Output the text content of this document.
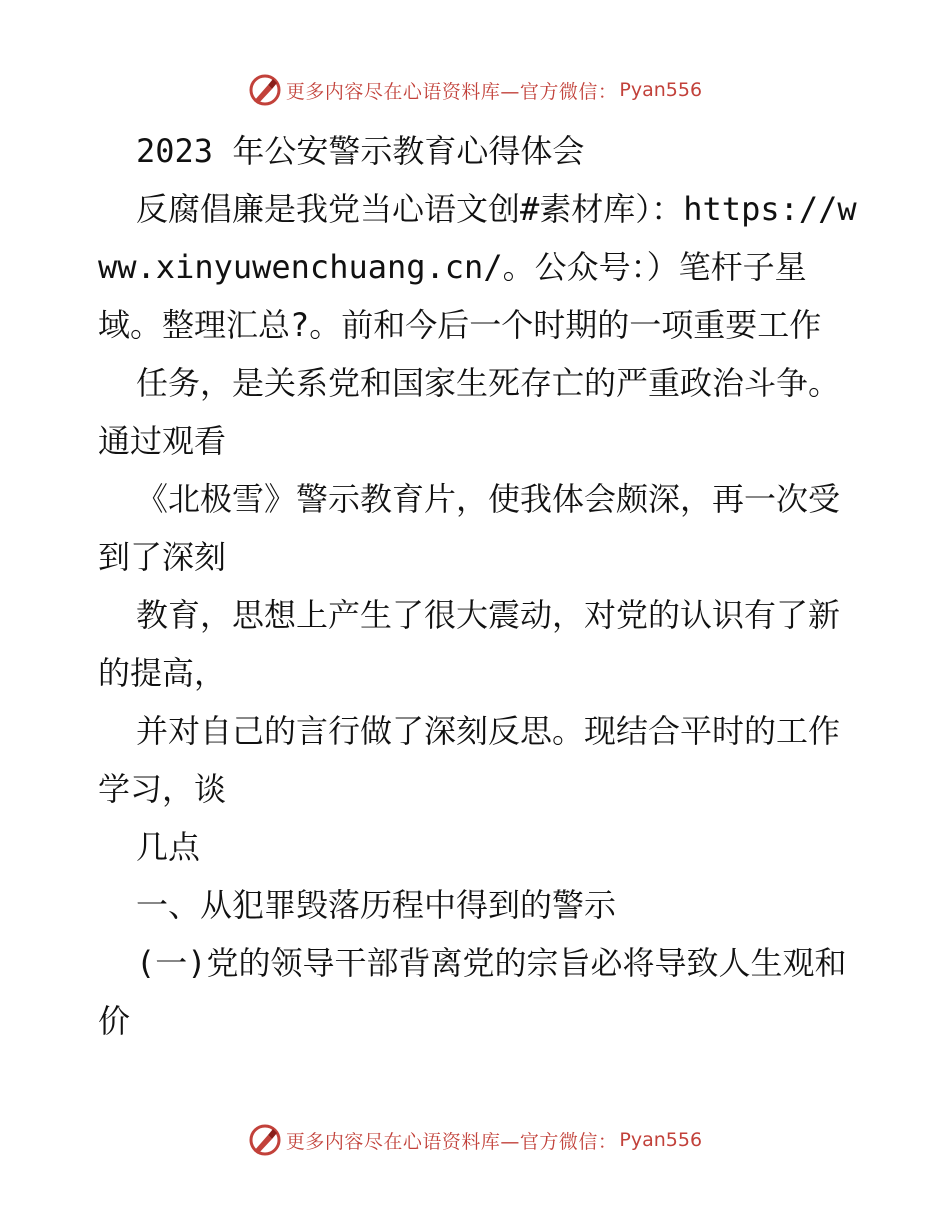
更多内容尽在心语资料库—官方微信： Pyan556

2023 年公安警示教育心得体会

反腐倡廉是我党当心语文创#素材库）：https://www.xinyuwenchuang.cn/。公众号：）笔杆子星域。整理汇总?。前和今后一个时期的一项重要工作

任务，是关系党和国家生死存亡的严重政治斗争。通过观看

《北极雪》警示教育片，使我体会颇深，再一次受到了深刻

教育，思想上产生了很大震动，对党的认识有了新的提高，

并对自己的言行做了深刻反思。现结合平时的工作学习，谈

几点

一、从犯罪毁落历程中得到的警示

(一)党的领导干部背离党的宗旨必将导致人生观和价

更多内容尽在心语资料库—官方微信： Pyan556
